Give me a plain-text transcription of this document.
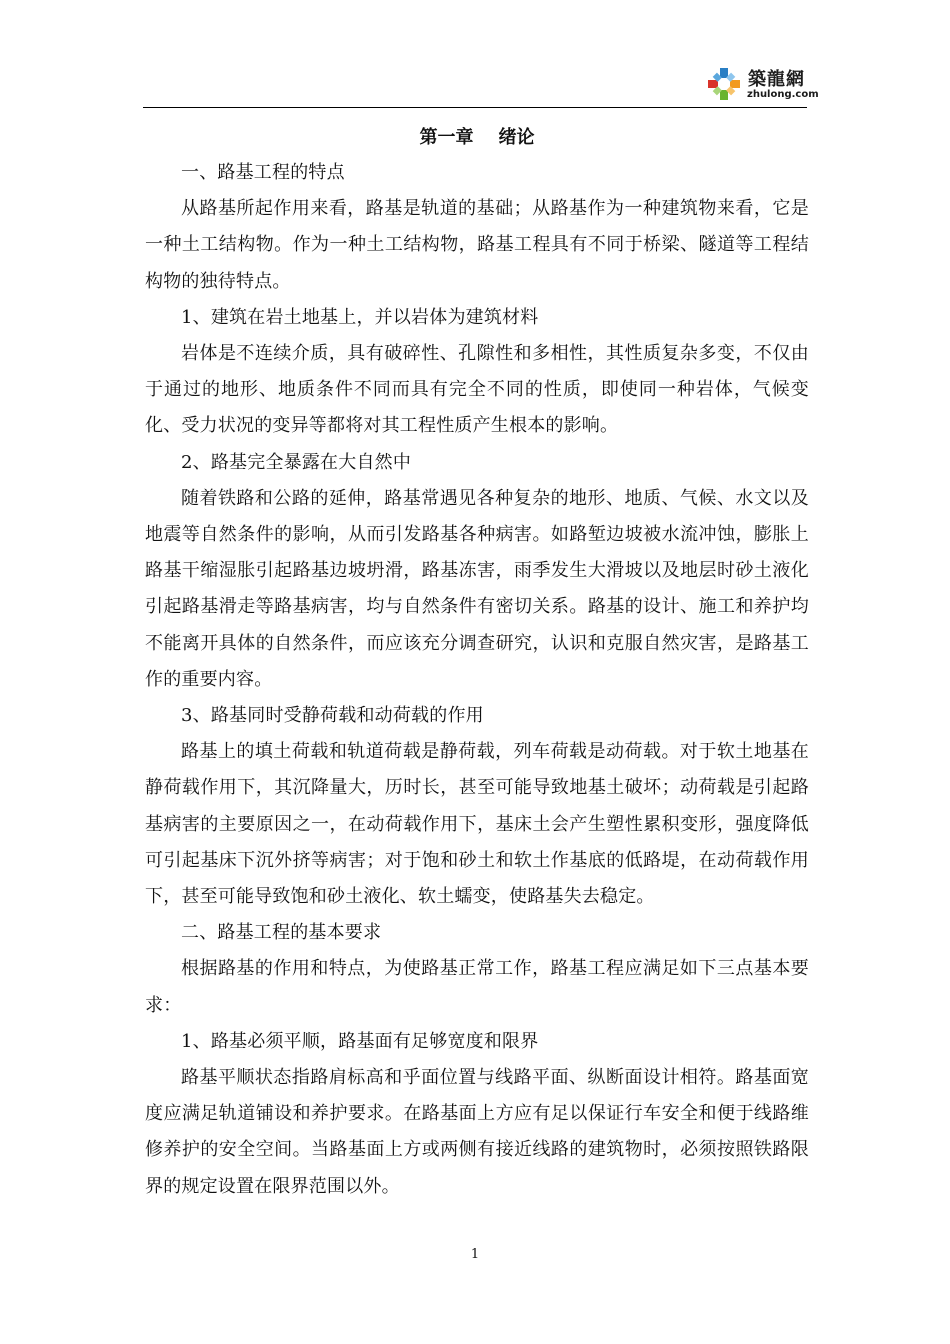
築龍網
zhulong.com
第一章    绪论
一、路基工程的特点
从路基所起作用来看，路基是轨道的基础；从路基作为一种建筑物来看，它是一种土工结构物。作为一种土工结构物，路基工程具有不同于桥梁、隧道等工程结构物的独待特点。
1、建筑在岩土地基上，并以岩体为建筑材料
岩体是不连续介质，具有破碎性、孔隙性和多相性，其性质复杂多变，不仅由于通过的地形、地质条件不同而具有完全不同的性质，即使同一种岩体，气候变化、受力状况的变异等都将对其工程性质产生根本的影响。
2、路基完全暴露在大自然中
随着铁路和公路的延伸，路基常遇见各种复杂的地形、地质、气候、水文以及地震等自然条件的影响，从而引发路基各种病害。如路堑边坡被水流冲蚀，膨胀上路基干缩湿胀引起路基边坡坍滑，路基冻害，雨季发生大滑坡以及地层时砂土液化引起路基滑走等路基病害，均与自然条件有密切关系。路基的设计、施工和养护均不能离开具体的自然条件，而应该充分调查研究，认识和克服自然灾害，是路基工作的重要内容。
3、路基同时受静荷载和动荷载的作用
路基上的填土荷载和轨道荷载是静荷载，列车荷载是动荷载。对于软土地基在静荷载作用下，其沉降量大，历时长，甚至可能导致地基土破坏；动荷载是引起路基病害的主要原因之一，在动荷载作用下，基床土会产生塑性累积变形，强度降低可引起基床下沉外挤等病害；对于饱和砂土和软土作基底的低路堤，在动荷载作用下，甚至可能导致饱和砂土液化、软土蠕变，使路基失去稳定。
二、路基工程的基本要求
根据路基的作用和特点，为使路基正常工作，路基工程应满足如下三点基本要求：
1、路基必须平顺，路基面有足够宽度和限界
路基平顺状态指路肩标高和乎面位置与线路平面、纵断面设计相符。路基面宽度应满足轨道铺设和养护要求。在路基面上方应有足以保证行车安全和便于线路维修养护的安全空间。当路基面上方或两侧有接近线路的建筑物时，必须按照铁路限界的规定设置在限界范围以外。
1
